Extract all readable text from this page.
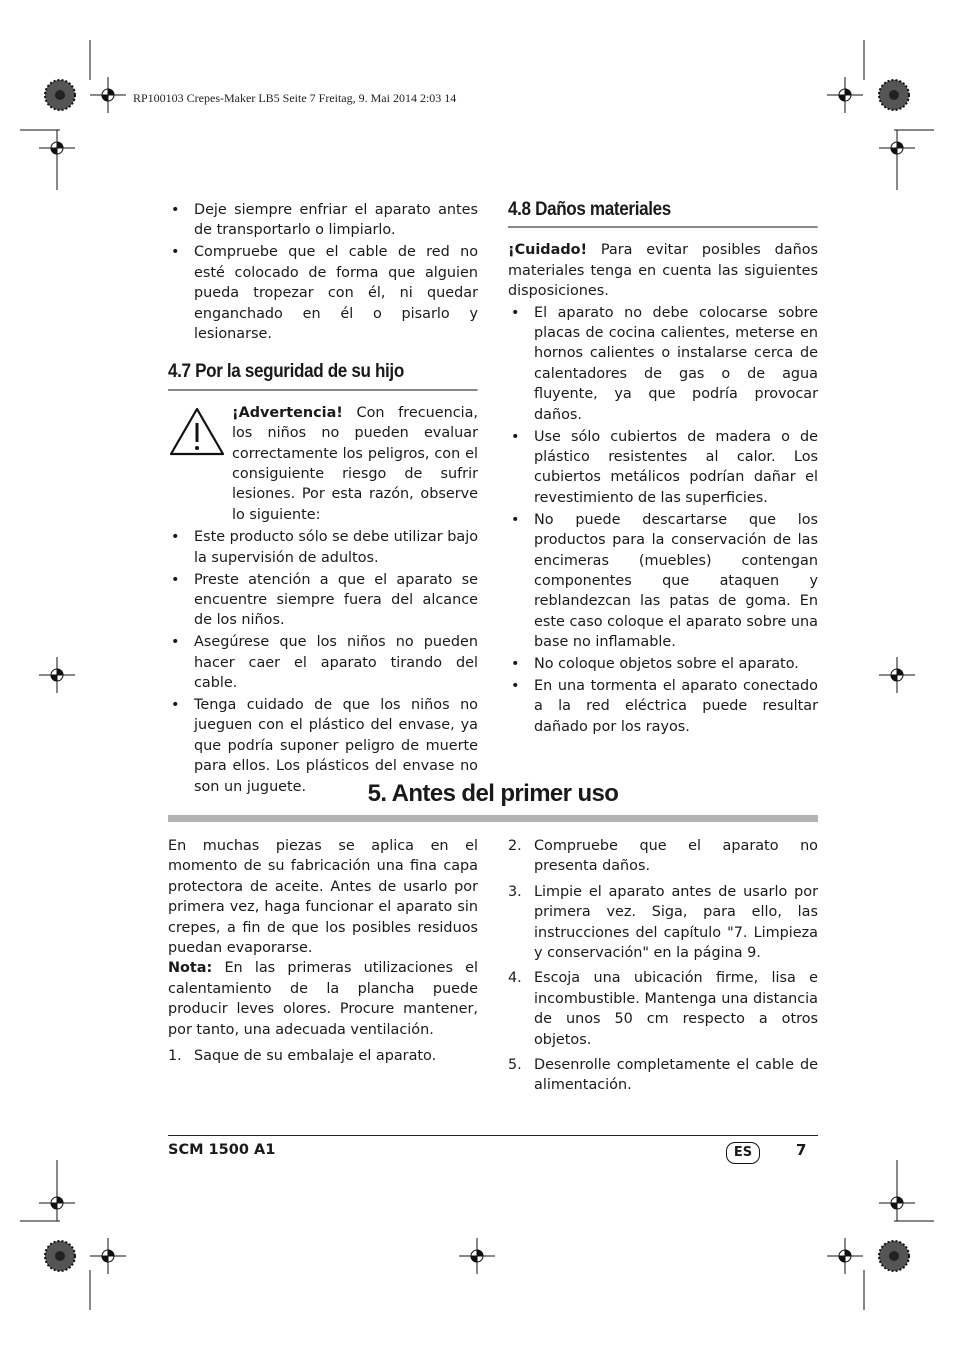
RP100103 Crepes-Maker LB5 Seite 7 Freitag, 9. Mai 2014 2:03 14
• Deje siempre enfriar el aparato antes de transportarlo o limpiarlo.
• Compruebe que el cable de red no esté colocado de forma que alguien pueda tropezar con él, ni quedar enganchado en él o pisarlo y lesionarse.
4.7 Por la seguridad de su hijo

¡Advertencia! Con frecuencia, los niños no pueden evaluar correctamente los peligros, con el consiguiente riesgo de sufrir lesiones. Por esta razón, observe lo siguiente:

• Este producto sólo se debe utilizar bajo la supervisión de adultos.
• Preste atención a que el aparato se encuentre siempre fuera del alcance de los niños.
• Asegúrese que los niños no pueden hacer caer el aparato tirando del cable.
• Tenga cuidado de que los niños no jueguen con el plástico del envase, ya que podría suponer peligro de muerte para ellos. Los plásticos del envase no son un juguete.
4.8 Daños materiales

¡Cuidado! Para evitar posibles daños materiales tenga en cuenta las siguientes disposiciones.

• El aparato no debe colocarse sobre placas de cocina calientes, meterse en hornos calientes o instalarse cerca de calentadores de gas o de agua fluyente, ya que podría provocar daños.
• Use sólo cubiertos de madera o de plástico resistentes al calor. Los cubiertos metálicos podrían dañar el revestimiento de las superficies.
• No puede descartarse que los productos para la conservación de las encimeras (muebles) contengan componentes que ataquen y reblandezcan las patas de goma. En este caso coloque el aparato sobre una base no inflamable.
• No coloque objetos sobre el aparato.
• En una tormenta el aparato conectado a la red eléctrica puede resultar dañado por los rayos.
5. Antes del primer uso

En muchas piezas se aplica en el momento de su fabricación una fina capa protectora de aceite. Antes de usarlo por primera vez, haga funcionar el aparato sin crepes, a fin de que los posibles residuos puedan evaporarse.

Nota: En las primeras utilizaciones el calentamiento de la plancha puede producir leves olores. Procure mantener, por tanto, una adecuada ventilación.

1. Saque de su embalaje el aparato.
2. Compruebe que el aparato no presenta daños.
3. Limpie el aparato antes de usarlo por primera vez. Siga, para ello, las instrucciones del capítulo "7. Limpieza y conservación" en la página 9.
4. Escoja una ubicación firme, lisa e incombustible. Mantenga una distancia de unos 50 cm respecto a otros objetos.
5. Desenrolle completamente el cable de alimentación.
SCM 1500 A1	ES	7
